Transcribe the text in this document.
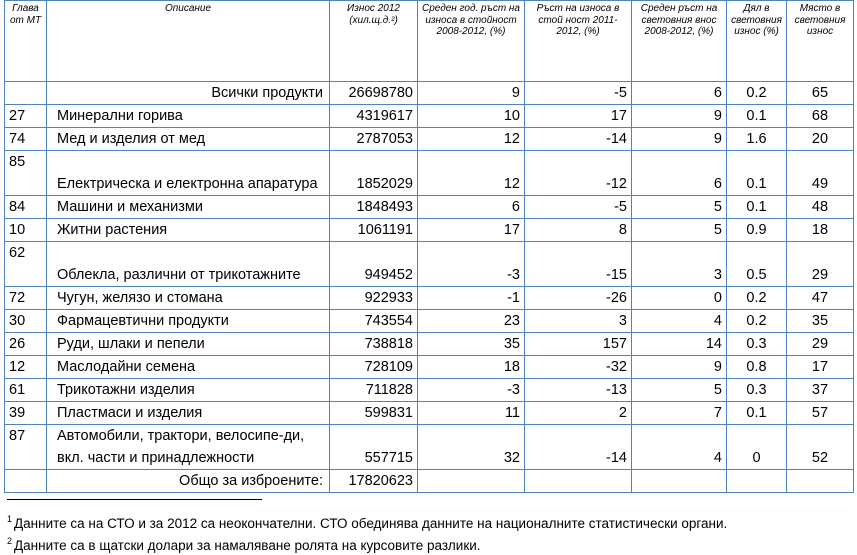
Глава от МТ	Описание	Износ 2012 (хил.щ.д.²)	Среден год. ръст на износа в стойност 2008-2012, (%)	Ръст на износа в стой ност 2011-2012, (%)	Среден ръст на световния внос 2008-2012, (%)	Дял в световния износ (%)	Място в световния износ
	Всички продукти	26698780	9	-5	6	0.2	65
27	Минерални горива	4319617	10	17	9	0.1	68
74	Мед и изделия от мед	2787053	12	-14	9	1.6	20
85	Електрическа и електронна апаратура	1852029	12	-12	6	0.1	49
84	Машини и механизми	1848493	6	-5	5	0.1	48
10	Житни растения	1061191	17	8	5	0.9	18
62	Облекла, различни от трикотажните	949452	-3	-15	3	0.5	29
72	Чугун, желязо и стомана	922933	-1	-26	0	0.2	47
30	Фармацевтични продукти	743554	23	3	4	0.2	35
26	Руди, шлаки и пепели	738818	35	157	14	0.3	29
12	Маслодайни семена	728109	18	-32	9	0.8	17
61	Трикотажни изделия	711828	-3	-13	5	0.3	37
39	Пластмаси и изделия	599831	11	2	7	0.1	57
87	Автомобили, трактори, велосипе-ди, вкл. части и принадлежности	557715	32	-14	4	0	52
	Общо за изброените:	17820623					
$^1$ Данните са на СТО и за 2012 са неокончателни. СТО обединява данните на националните статистически органи.
$^2$ Данните са в щатски долари за намаляване ролята на курсовите разлики.
